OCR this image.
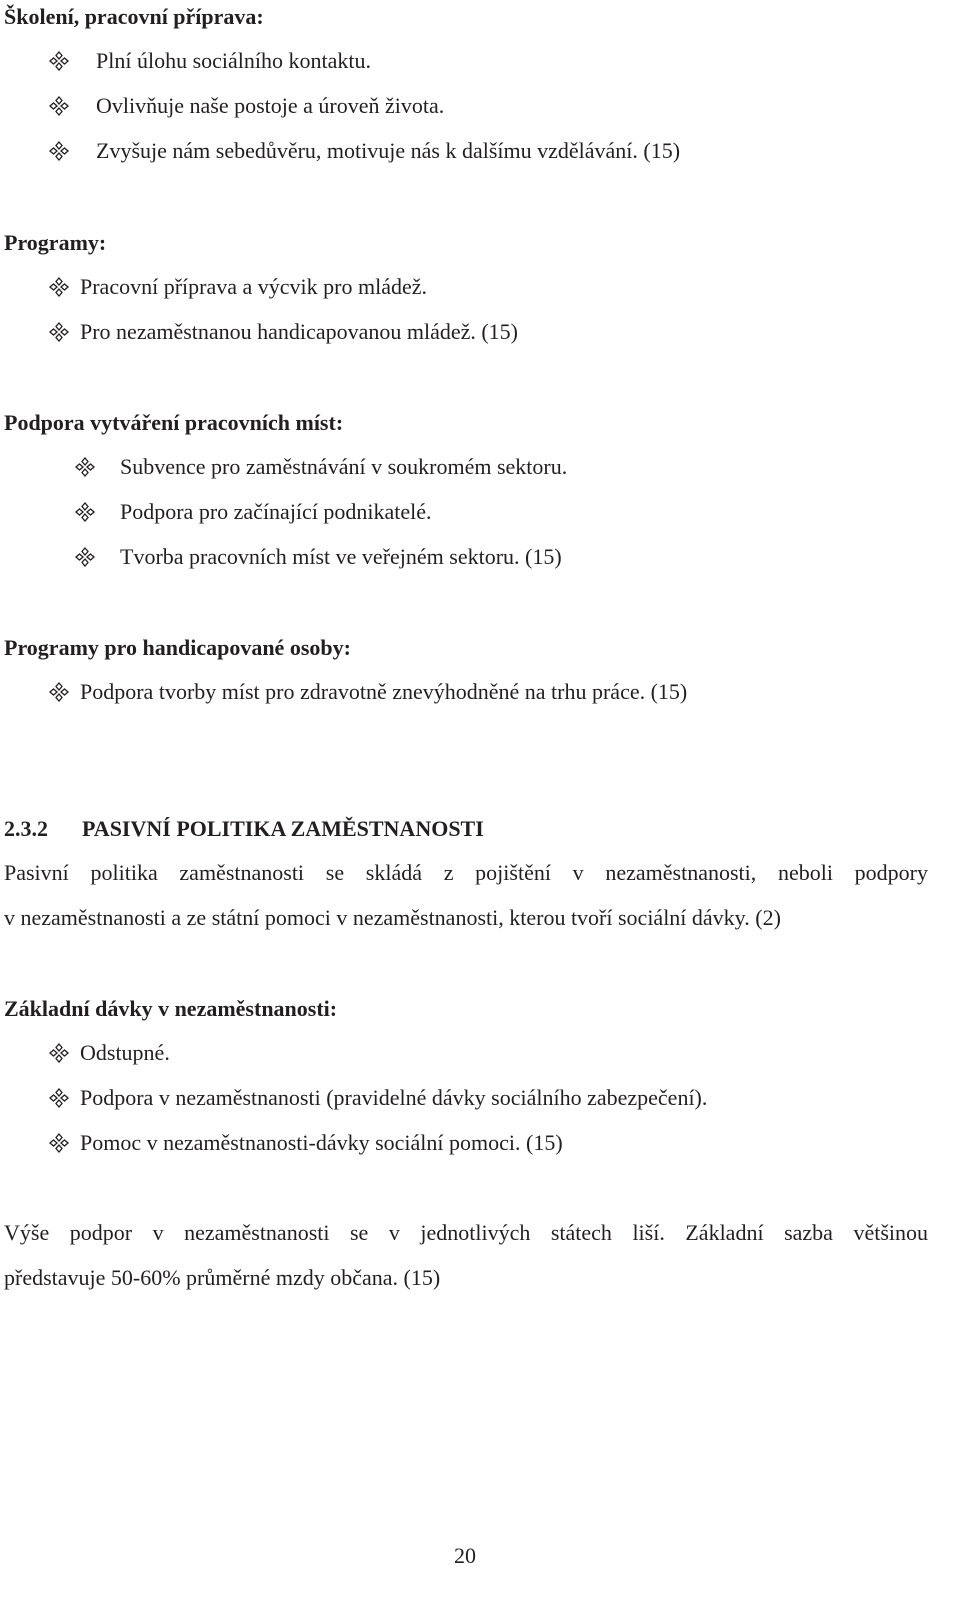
Školení, pracovní příprava:
Plní úlohu sociálního kontaktu.
Ovlivňuje naše postoje a úroveň života.
Zvyšuje nám sebedůvěru, motivuje nás k dalšímu vzdělávání. (15)
Programy:
Pracovní příprava a výcvik pro mládež.
Pro nezaměstnanou handicapovanou mládež. (15)
Podpora vytváření pracovních míst:
Subvence pro zaměstnávání v soukromém sektoru.
Podpora pro začínající podnikatelé.
Tvorba pracovních míst ve veřejném sektoru. (15)
Programy pro handicapované osoby:
Podpora tvorby míst pro zdravotně znevýhodněné na trhu práce. (15)
2.3.2 PASIVNÍ POLITIKA ZAMĚSTNANOSTI

Pasivní politika zaměstnanosti se skládá z pojištění v nezaměstnanosti, neboli podpory
v nezaměstnanosti a ze státní pomoci v nezaměstnanosti, kterou tvoří sociální dávky. (2)

Základní dávky v nezaměstnanosti:
Odstupné.
Podpora v nezaměstnanosti (pravidelné dávky sociálního zabezpečení).
Pomoc v nezaměstnanosti-dávky sociální pomoci. (15)

Výše podpor v nezaměstnanosti se v jednotlivých státech liší. Základní sazba většinou
představuje 50-60% průměrné mzdy občana. (15)

20
